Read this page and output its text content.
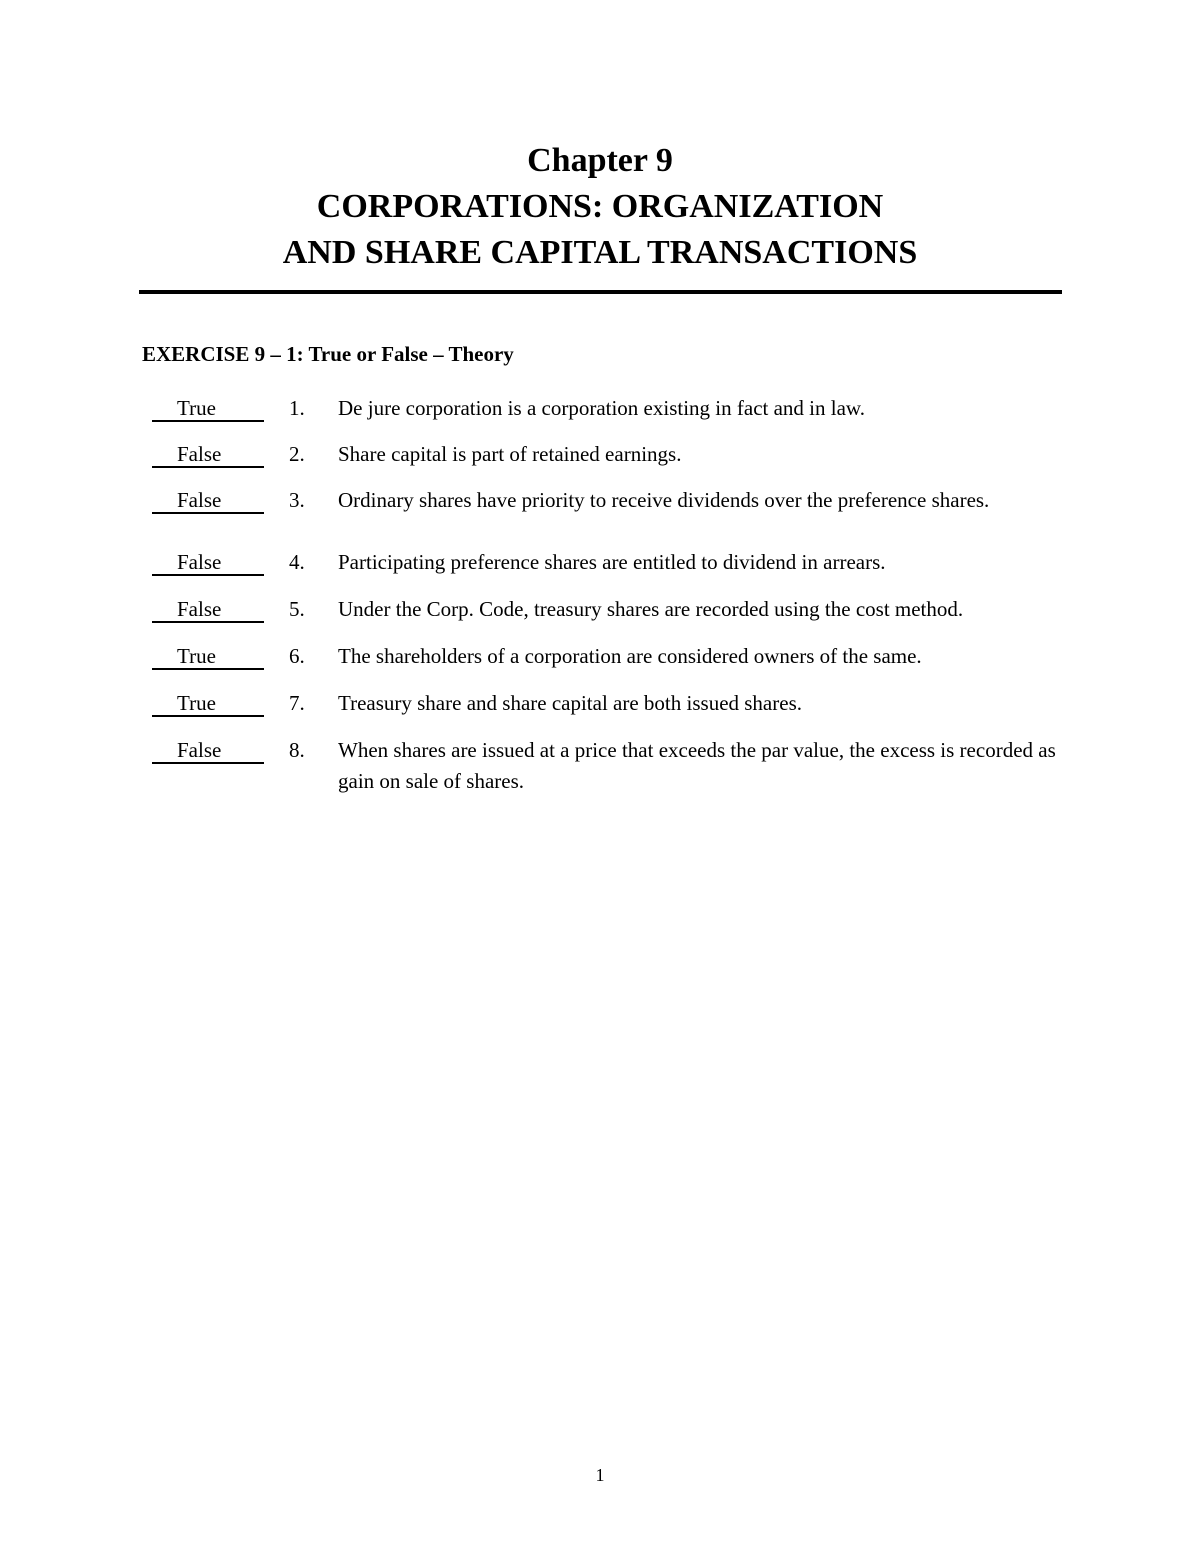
Chapter 9
CORPORATIONS: ORGANIZATION
AND SHARE CAPITAL TRANSACTIONS
EXERCISE 9 – 1: True or False – Theory
True	1. De jure corporation is a corporation existing in fact and in law.
False	2. Share capital is part of retained earnings.
False	3. Ordinary shares have priority to receive dividends over the preference shares.
False	4. Participating preference shares are entitled to dividend in arrears.
False	5. Under the Corp. Code, treasury shares are recorded using the cost method.
True	6. The shareholders of a corporation are considered owners of the same.
True	7. Treasury share and share capital are both issued shares.
False	8. When shares are issued at a price that exceeds the par value, the excess is recorded as gain on sale of shares.
1
